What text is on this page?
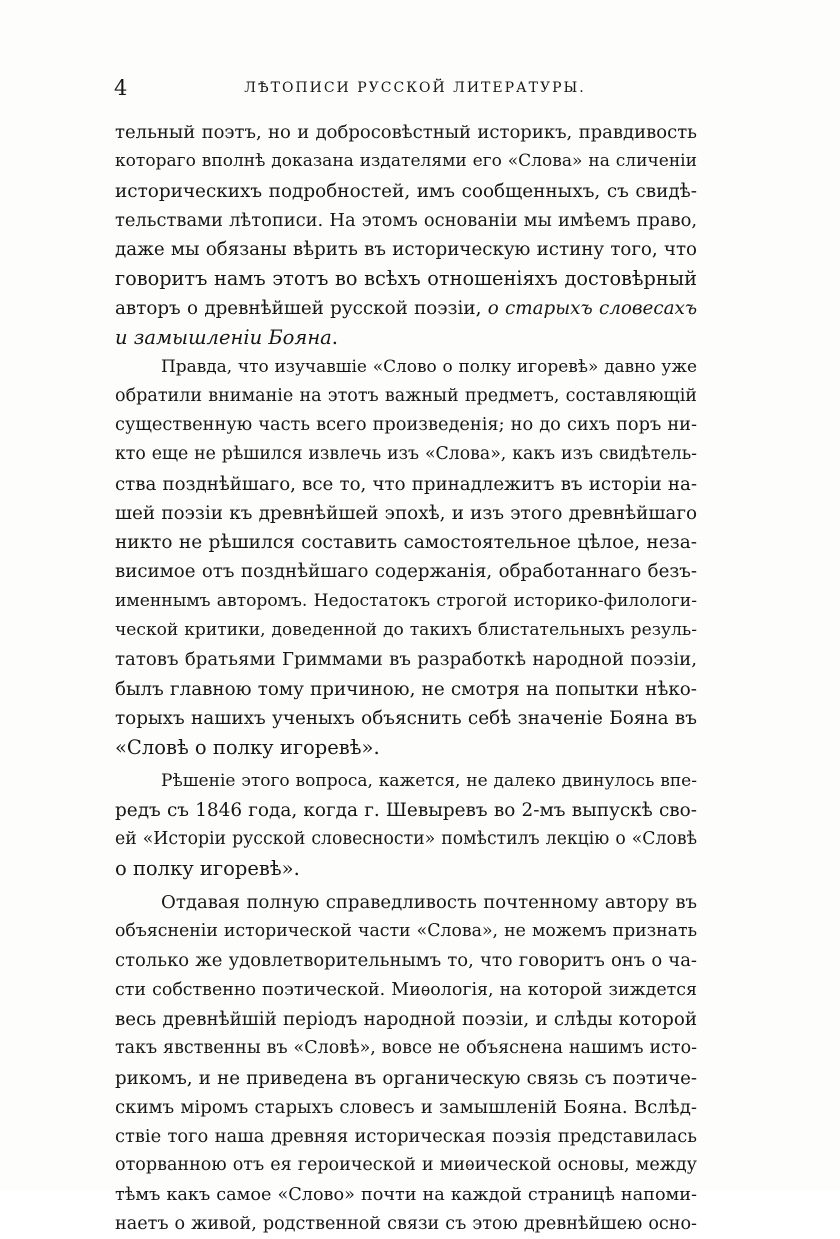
4	ЛѢТОПИСИ РУССКОЙ ЛИТЕРАТУРЫ.
тельный поэтъ, но и добросовѣстный историкъ, правдивость
котораго вполнѣ доказана издателями его «Слова» на сличеніи
историческихъ подробностей, имъ сообщенныхъ, съ свидѣ-
тельствами лѣтописи. На этомъ основаніи мы имѣемъ право,
даже мы обязаны вѣрить въ историческую истину того, что
говоритъ намъ этотъ во всѣхъ отношеніяхъ достовѣрный
авторъ о древнѣйшей русской поэзіи, о старыхъ словесахъ
и замышленіи Бояна.
Правда, что изучавшіе «Слово о полку игоревѣ» давно уже
обратили вниманіе на этотъ важный предметъ, составляющій
существенную часть всего произведенія; но до сихъ поръ ни-
кто еще не рѣшился извлечь изъ «Слова», какъ изъ свидѣтель-
ства позднѣйшаго, все то, что принадлежитъ въ исторіи на-
шей поэзіи къ древнѣйшей эпохѣ, и изъ этого древнѣйшаго
никто не рѣшился составить самостоятельное цѣлое, неза-
висимое отъ позднѣйшаго содержанія, обработаннаго безъ-
именнымъ авторомъ. Недостатокъ строгой историко-филологи-
ческой критики, доведенной до такихъ блистательныхъ резуль-
татовъ братьями Гриммами въ разработкѣ народной поэзіи,
былъ главною тому причиною, не смотря на попытки нѣко-
торыхъ нашихъ ученыхъ объяснить себѣ значеніе Бояна въ
«Словѣ о полку игоревѣ».
Рѣшеніе этого вопроса, кажется, не далеко двинулось впе-
редъ съ 1846 года, когда г. Шевыревъ во 2-мъ выпускѣ сво-
ей «Исторіи русской словесности» помѣстилъ лекцію о «Словѣ
о полку игоревѣ».
Отдавая полную справедливость почтенному автору въ
объясненіи исторической части «Слова», не можемъ признать
столько же удовлетворительнымъ то, что говоритъ онъ о ча-
сти собственно поэтической. Миѳологія, на которой зиждется
весь древнѣйшій періодъ народной поэзіи, и слѣды которой
такъ явственны въ «Словѣ», вовсе не объяснена нашимъ исто-
рикомъ, и не приведена въ органическую связь съ поэтиче-
скимъ міромъ старыхъ словесъ и замышленій Бояна. Вслѣд-
ствіе того наша древняя историческая поэзія представилась
оторванною отъ ея героической и миѳической основы, между
тѣмъ какъ самое «Слово» почти на каждой страницѣ напоми-
наетъ о живой, родственной связи съ этою древнѣйшею осно-
